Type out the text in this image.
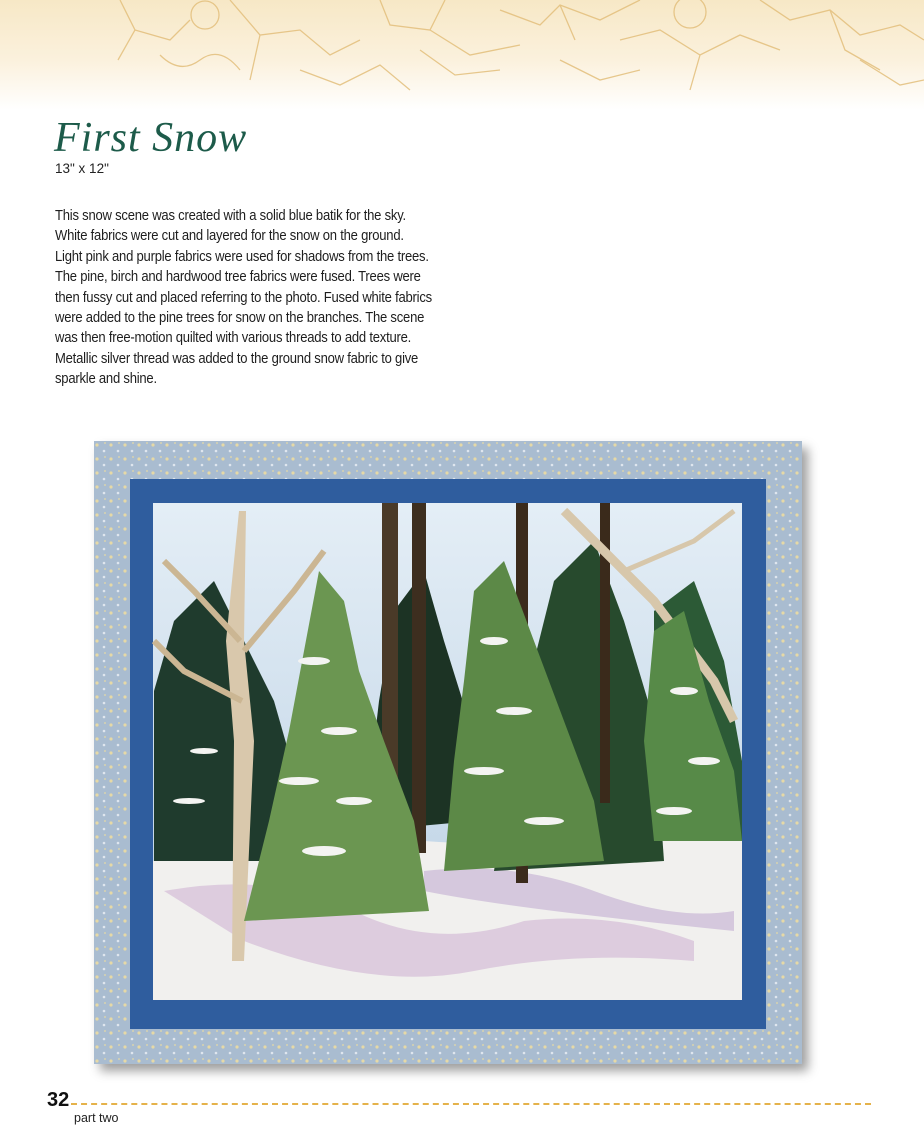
First Snow
13" x 12"

This snow scene was created with a solid blue batik for the sky. White fabrics were cut and layered for the snow on the ground. Light pink and purple fabrics were used for shadows from the trees. The pine, birch and hardwood tree fabrics were fused. Trees were then fussy cut and placed referring to the photo. Fused white fabrics were added to the pine trees for snow on the branches. The scene was then free-motion quilted with various threads to add texture. Metallic silver thread was added to the ground snow fabric to give sparkle and shine.

32
part two
